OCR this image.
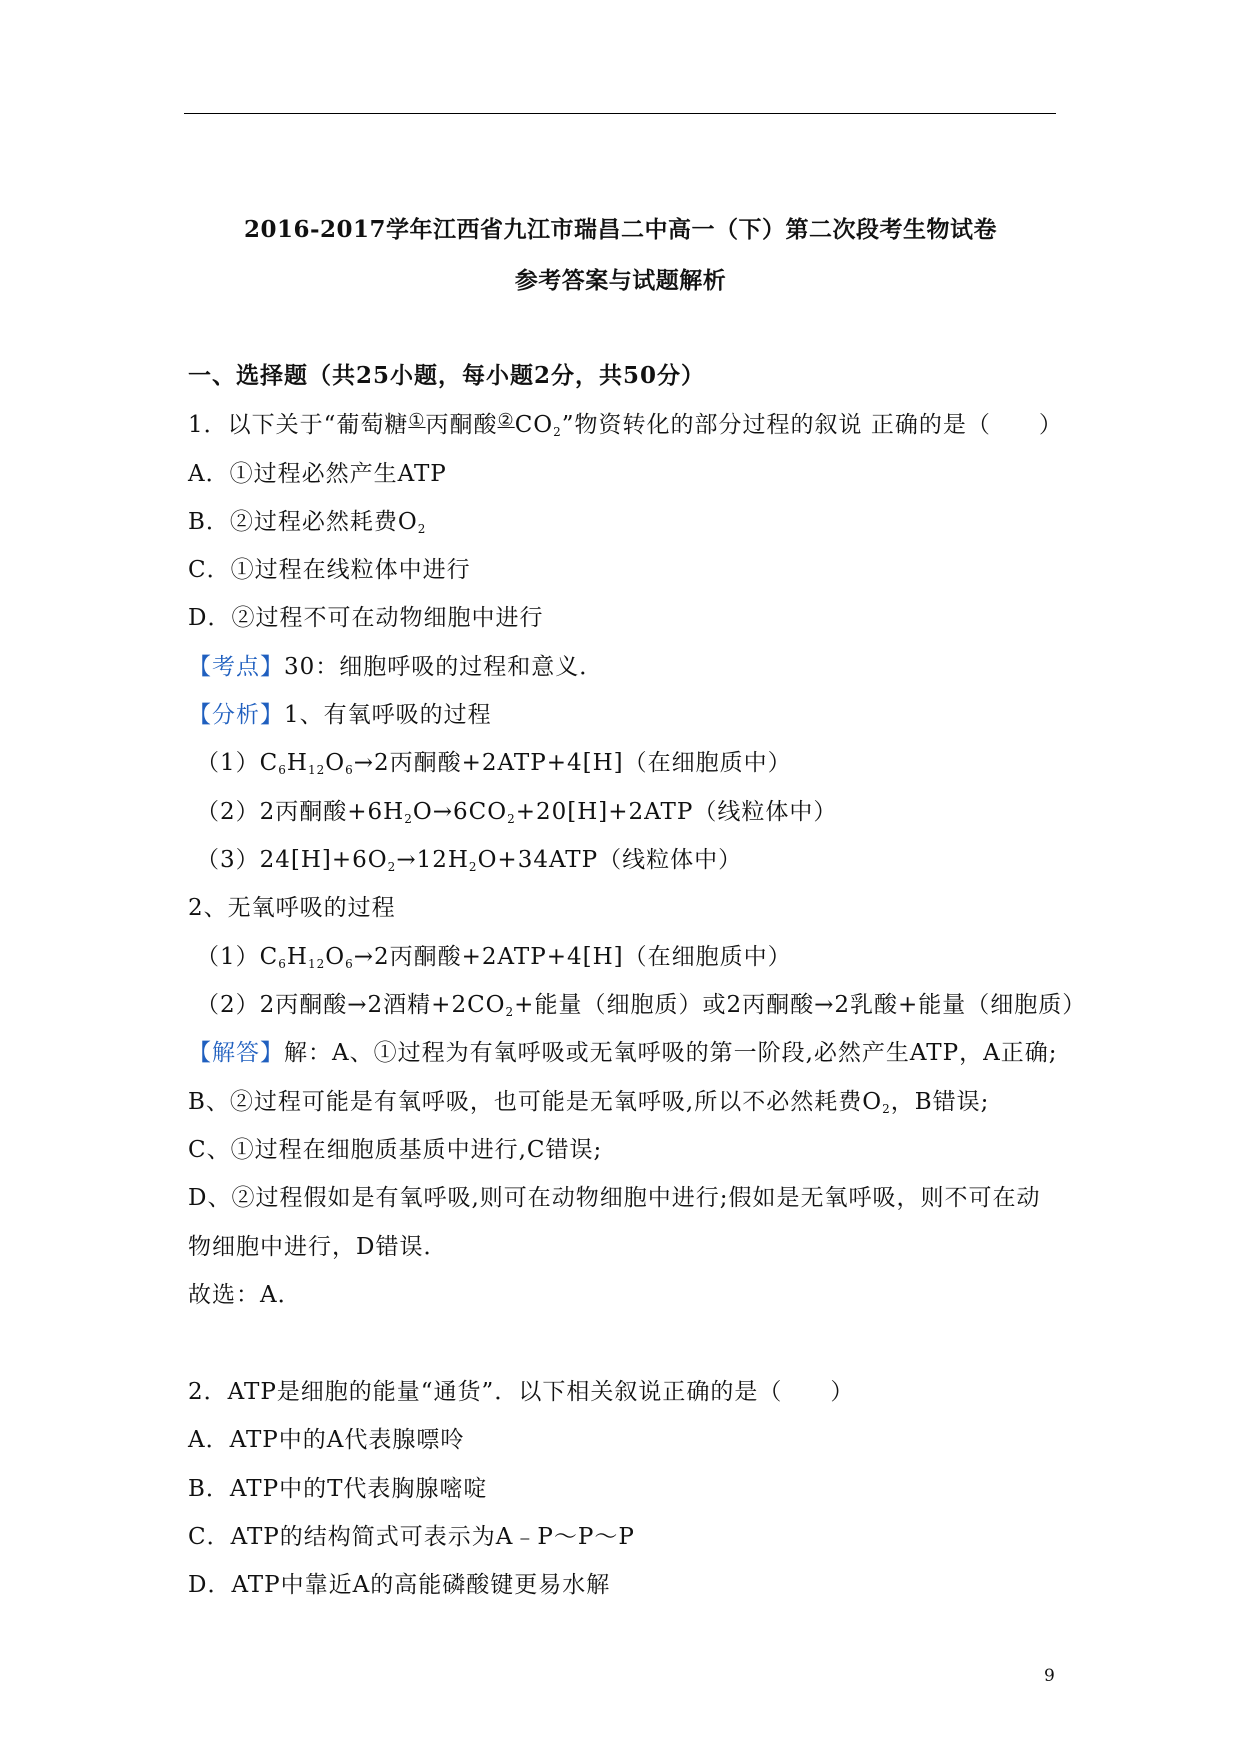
2016-2017学年江西省九江市瑞昌二中高一（下）第二次段考生物试卷
参考答案与试题解析
一、选择题（共25小题，每小题2分，共50分）
1．以下关于“葡萄糖①丙酮酸$^②CO_2$”物资转化的部分过程的叙说 正确的是（　　）
A．①过程必然产生ATP
B．②过程必然耗费$O_2$
C．①过程在线粒体中进行
D．②过程不可在动物细胞中进行
【考点】30：细胞呼吸的过程和意义．
【分析】1、有氧呼吸的过程
$(1)C_6H_{12}O_6\to 2$丙酮酸+2ATP+4[H]（在细胞质中）
（2）2丙酮酸$+6H_2O\to 6CO_2+20[H]+2ATP$（线粒体中）
$(3)24[H]+6O_2\to 12H_2O+34ATP$（线粒体中）
2、无氧呼吸的过程
$(1)C_6H_{12}O_6\to 2$丙酮酸+2ATP+4[H]（在细胞质中）
（2）2丙酮酸→2酒精$+2CO_2+$能量（细胞质）或2丙酮酸→2乳酸+能量（细胞质）
【解答】解：A、①过程为有氧呼吸或无氧呼吸的第一阶段,必然产生ATP，A正确;
B、②过程可能是有氧呼吸，也可能是无氧呼吸,所以不必然耗费$O_2$，B错误;
C、①过程在细胞质基质中进行,C错误;
D、②过程假如是有氧呼吸,则可在动物细胞中进行;假如是无氧呼吸，则不可在动
物细胞中进行，D错误．
故选：A．
2．ATP是细胞的能量“通货”．以下相关叙说正确的是（　　）
A．ATP中的A代表腺嘌呤
B．ATP中的T代表胸腺嘧啶
C．ATP的结构简式可表示为A﹣P～P～P
D．ATP中靠近A的高能磷酸键更易水解
9
